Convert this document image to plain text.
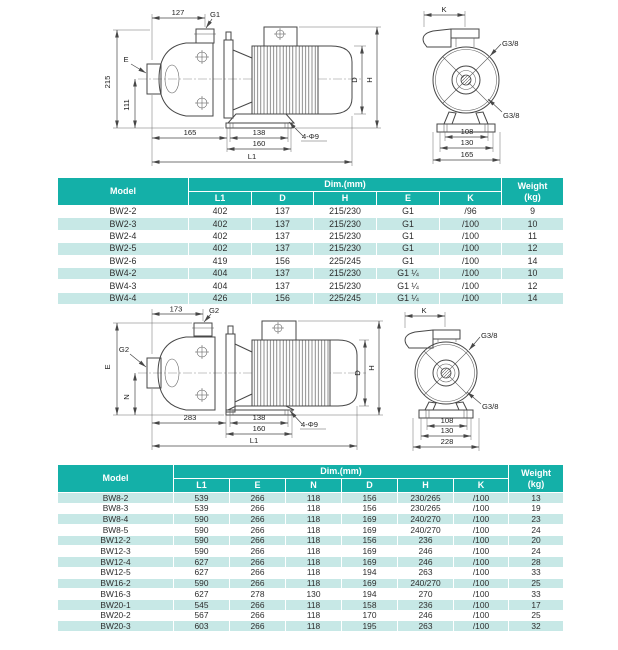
127	G1
E
215
111
165	138
160
L1
4-Φ9
D H
K
G3/8
G3/8
108
130
165
Model	Dim.(mm)					Weight
(kg)

	L1	D	H	E	K	
BW2-2	402	137	215/230	G1	/96	9
BW2-3	402	137	215/230	G1	/100	10
BW2-4	402	137	215/230	G1	/100	11
BW2-5	402	137	215/230	G1	/100	12
BW2-6	419	156	225/245	G1	/100	14
BW4-2	404	137	215/230	G1 ¼	/100	10
BW4-3	404	137	215/230	G1 ¼	/100	12
BW4-4	426	156	225/245	G1 ¼	/100	14
173	G2
G2
E
N
283	138
160
L1
4-Φ9
D
H
K
G3/8
G3/8
108
130
228
Model	Dim.(mm)						Weight
(kg)

	L1	E	N	D	H	K	
BW8-2	539	266	118	156	230/265	/100	13
BW8-3	539	266	118	156	230/265	/100	19
BW8-4	590	266	118	169	240/270	/100	23
BW8-5	590	266	118	169	240/270	/100	24
BW12-2	590	266	118	156	236	/100	20
BW12-3	590	266	118	169	246	/100	24
BW12-4	627	266	118	169	246	/100	28
BW12-5	627	266	118	194	263	/100	33
BW16-2	590	266	118	169	240/270	/100	25
BW16-3	627	278	130	194	270	/100	33
BW20-1	545	266	118	158	236	/100	17
BW20-2	567	266	118	170	246	/100	25
BW20-3	603	266	118	195	263	/100	32
